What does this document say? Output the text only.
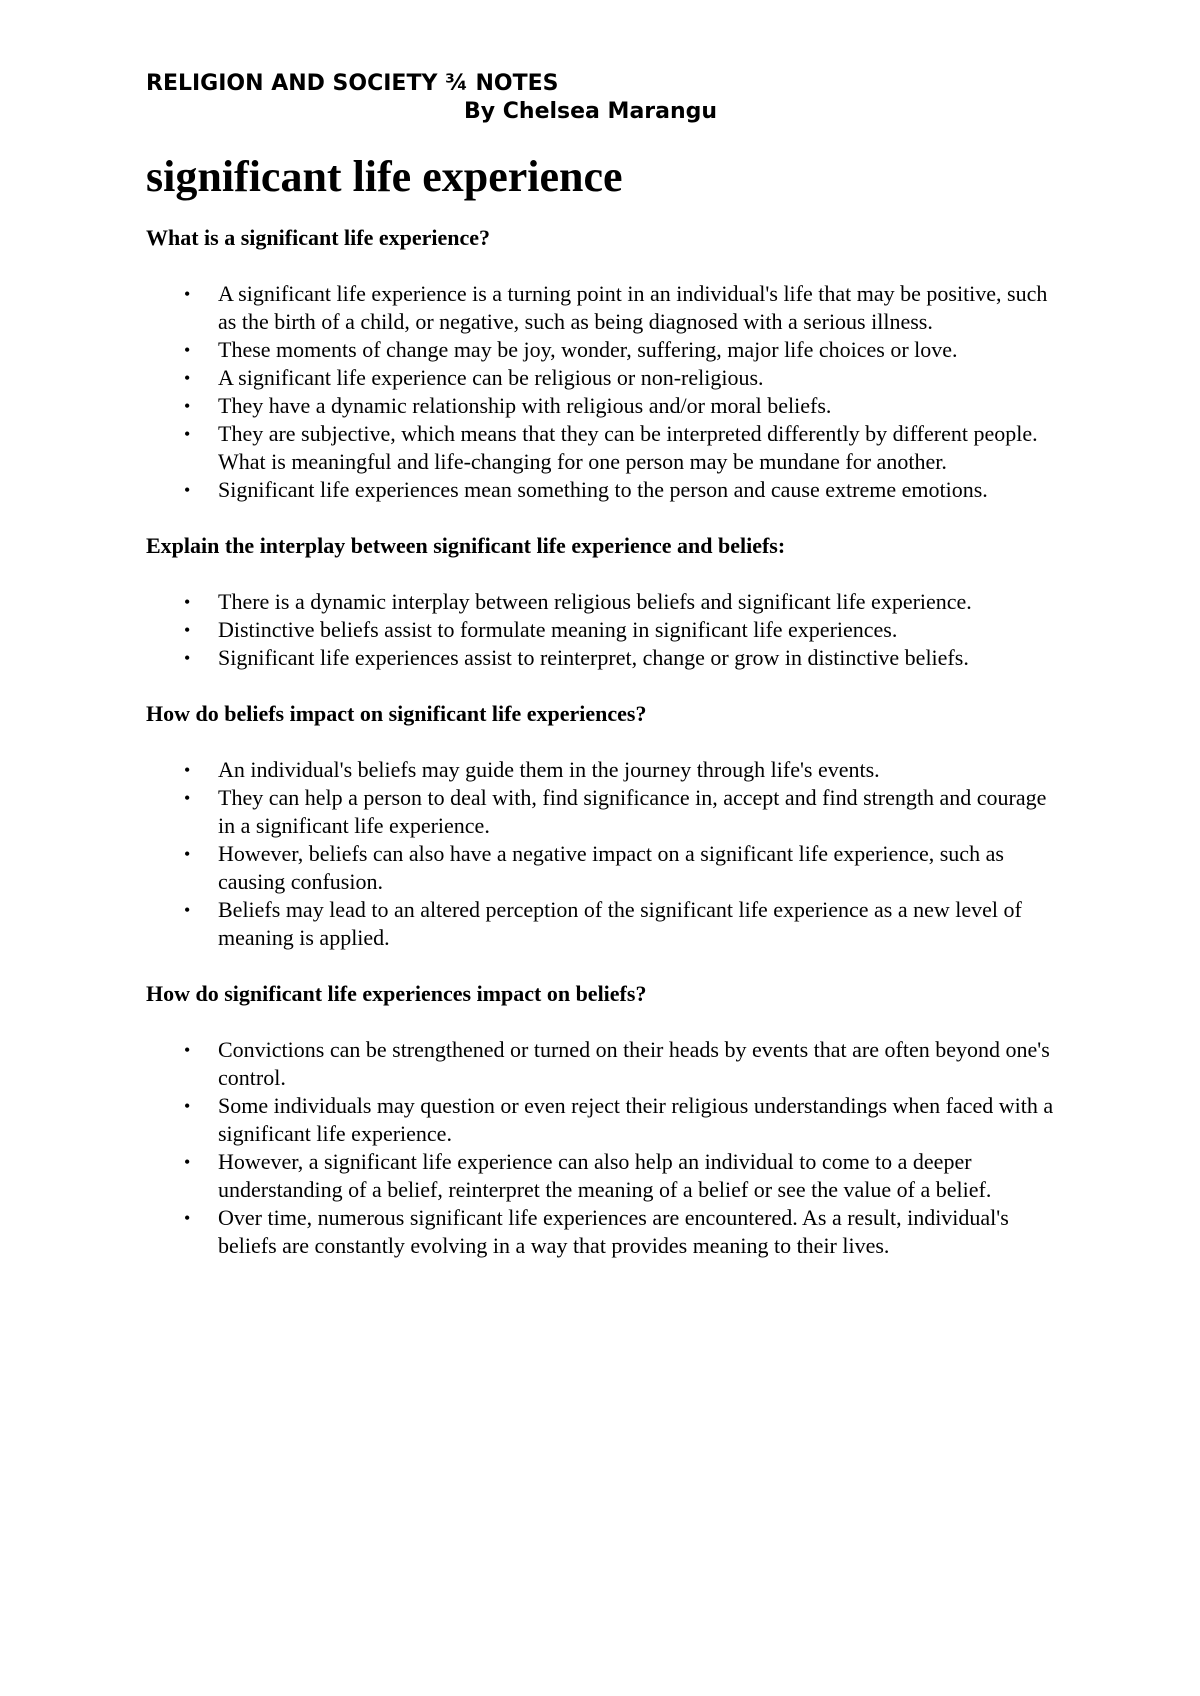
RELIGION AND SOCIETY ¾ NOTES

By Chelsea Marangu

significant life experience
What is a significant life experience?
• A significant life experience is a turning point in an individual's life that may be positive, such as the birth of a child, or negative, such as being diagnosed with a serious illness.
• These moments of change may be joy, wonder, suffering, major life choices or love.
• A significant life experience can be religious or non-religious.
• They have a dynamic relationship with religious and/or moral beliefs.
• They are subjective, which means that they can be interpreted differently by different people. What is meaningful and life-changing for one person may be mundane for another.
• Significant life experiences mean something to the person and cause extreme emotions.
Explain the interplay between significant life experience and beliefs:
• There is a dynamic interplay between religious beliefs and significant life experience.
• Distinctive beliefs assist to formulate meaning in significant life experiences.
• Significant life experiences assist to reinterpret, change or grow in distinctive beliefs.
How do beliefs impact on significant life experiences?
• An individual's beliefs may guide them in the journey through life's events.
• They can help a person to deal with, find significance in, accept and find strength and courage in a significant life experience.
• However, beliefs can also have a negative impact on a significant life experience, such as causing confusion.
• Beliefs may lead to an altered perception of the significant life experience as a new level of meaning is applied.
How do significant life experiences impact on beliefs?
• Convictions can be strengthened or turned on their heads by events that are often beyond one's control.
• Some individuals may question or even reject their religious understandings when faced with a significant life experience.
• However, a significant life experience can also help an individual to come to a deeper understanding of a belief, reinterpret the meaning of a belief or see the value of a belief.
• Over time, numerous significant life experiences are encountered. As a result, individual's beliefs are constantly evolving in a way that provides meaning to their lives.
